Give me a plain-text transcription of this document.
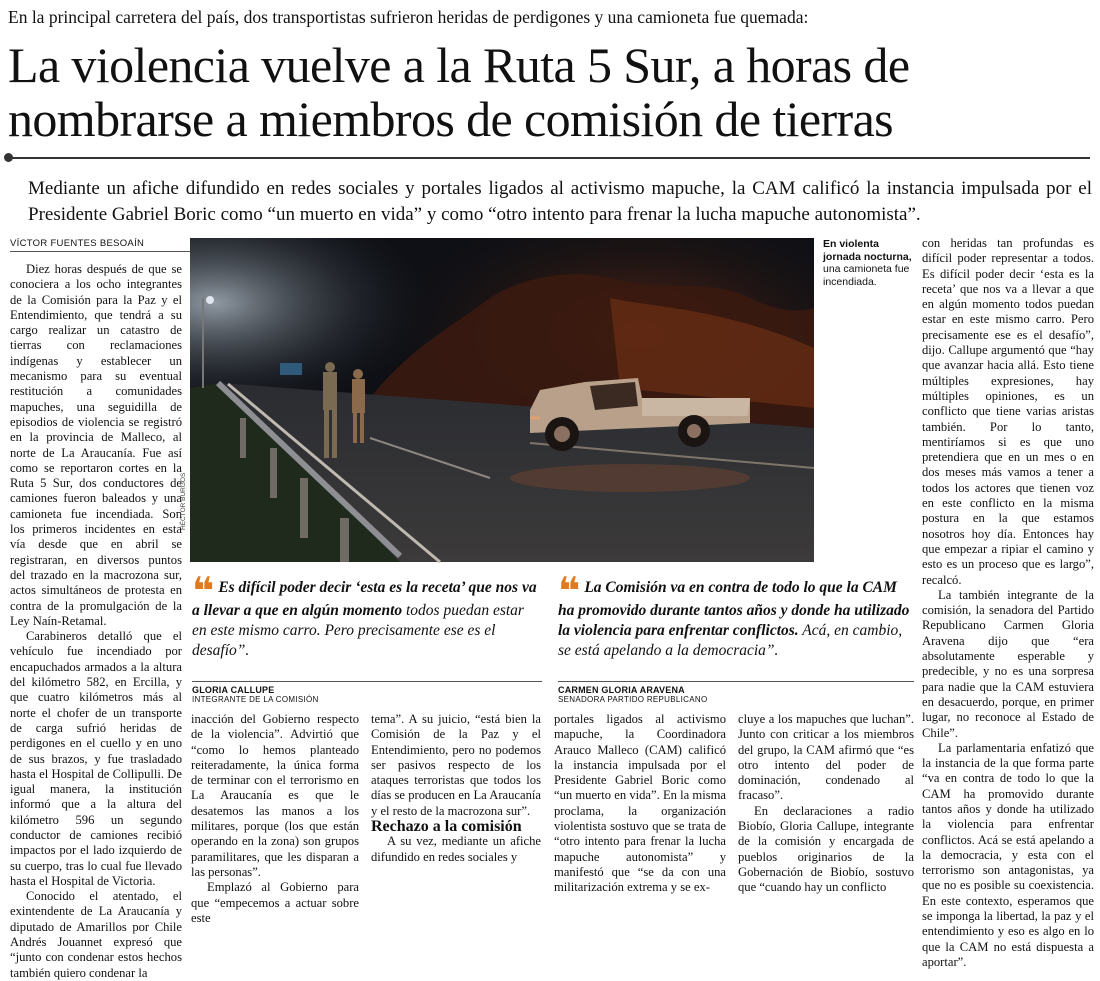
En la principal carretera del país, dos transportistas sufrieron heridas de perdigones y una camioneta fue quemada:
La violencia vuelve a la Ruta 5 Sur, a horas de nombrarse a miembros de comisión de tierras
Mediante un afiche difundido en redes sociales y portales ligados al activismo mapuche, la CAM calificó la instancia impulsada por el Presidente Gabriel Boric como “un muerto en vida” y como “otro intento para frenar la lucha mapuche autonomista”.
VÍCTOR FUENTES BESOAÍN

Diez horas después de que se conociera a los ocho integrantes de la Comisión para la Paz y el Entendimiento, que tendrá a su cargo realizar un catastro de tierras con reclamaciones indígenas y establecer un mecanismo para su eventual restitución a comunidades mapuches, una seguidilla de episodios de violencia se registró en la provincia de Malleco, al norte de La Araucanía. Fue así como se reportaron cortes en la Ruta 5 Sur, dos conductores de camiones fueron baleados y una camioneta fue incendiada. Son los primeros incidentes en esta vía desde que en abril se registraran, en diversos puntos del trazado en la macrozona sur, actos simultáneos de protesta en contra de la promulgación de la Ley Naín-Retamal.

Carabineros detalló que el vehículo fue incendiado por encapuchados armados a la altura del kilómetro 582, en Ercilla, y que cuatro kilómetros más al norte el chofer de un transporte de carga sufrió heridas de perdigones en el cuello y en uno de sus brazos, y fue trasladado hasta el Hospital de Collipulli. De igual manera, la institución informó que a la altura del kilómetro 596 un segundo conductor de camiones recibió impactos por el lado izquierdo de su cuerpo, tras lo cual fue llevado hasta el Hospital de Victoria.

Conocido el atentado, el exintendente de La Araucanía y diputado de Amarillos por Chile Andrés Jouannet expresó que “junto con condenar estos hechos también quiero condenar la

HÉCTOR BURGOS
En violenta jornada nocturna, una camioneta fue incendiada.
❝ Es difícil poder decir ‘esta es la receta’ que nos va a llevar a que en algún momento todos puedan estar en este mismo carro. Pero precisamente ese es el desafío”.
GLORIA CALLUPE
INTEGRANTE DE LA COMISIÓN
❝ La Comisión va en contra de todo lo que la CAM ha promovido durante tantos años y donde ha utilizado la violencia para enfrentar conflictos. Acá, en cambio, se está apelando a la democracia”.
CARMEN GLORIA ARAVENA
SENADORA PARTIDO REPUBLICANO

inacción del Gobierno respecto de la violencia”. Advirtió que “como lo hemos planteado reiteradamente, la única forma de terminar con el terrorismo en La Araucanía es que le desatemos las manos a los militares, porque (los que están operando en la zona) son grupos paramilitares, que les disparan a las personas”.

Emplazó al Gobierno para que “empecemos a actuar sobre este

tema”. A su juicio, “está bien la Comisión de la Paz y el Entendimiento, pero no podemos ser pasivos respecto de los ataques terroristas que todos los días se producen en La Araucanía y el resto de la macrozona sur”.

Rechazo a la comisión

A su vez, mediante un afiche difundido en redes sociales y

portales ligados al activismo mapuche, la Coordinadora Arauco Malleco (CAM) calificó la instancia impulsada por el Presidente Gabriel Boric como “un muerto en vida”. En la misma proclama, la organización violentista sostuvo que se trata de “otro intento para frenar la lucha mapuche autonomista” y manifestó que “se da con una militarización extrema y se ex-

cluye a los mapuches que luchan”. Junto con criticar a los miembros del grupo, la CAM afirmó que “es otro intento del poder de dominación, condenado al fracaso”.

En declaraciones a radio Biobío, Gloria Callupe, integrante de la comisión y encargada de pueblos originarios de la Gobernación de Biobío, sostuvo que “cuando hay un conflicto

con heridas tan profundas es difícil poder representar a todos. Es difícil poder decir ‘esta es la receta’ que nos va a llevar a que en algún momento todos puedan estar en este mismo carro. Pero precisamente ese es el desafío”, dijo. Callupe argumentó que “hay que avanzar hacia allá. Esto tiene múltiples expresiones, hay múltiples opiniones, es un conflicto que tiene varias aristas también. Por lo tanto, mentiríamos si es que uno pretendiera que en un mes o en dos meses más vamos a tener a todos los actores que tienen voz en este conflicto en la misma postura en la que estamos nosotros hoy día. Entonces hay que empezar a ripiar el camino y esto es un proceso que es largo”, recalcó.

La también integrante de la comisión, la senadora del Partido Republicano Carmen Gloria Aravena dijo que “era absolutamente esperable y predecible, y no es una sorpresa para nadie que la CAM estuviera en desacuerdo, porque, en primer lugar, no reconoce al Estado de Chile”.

La parlamentaria enfatizó que la instancia de la que forma parte “va en contra de todo lo que la CAM ha promovido durante tantos años y donde ha utilizado la violencia para enfrentar conflictos. Acá se está apelando a la democracia, y esta con el terrorismo son antagonistas, ya que no es posible su coexistencia. En este contexto, esperamos que se imponga la libertad, la paz y el entendimiento y eso es algo en lo que la CAM no está dispuesta a aportar”.
